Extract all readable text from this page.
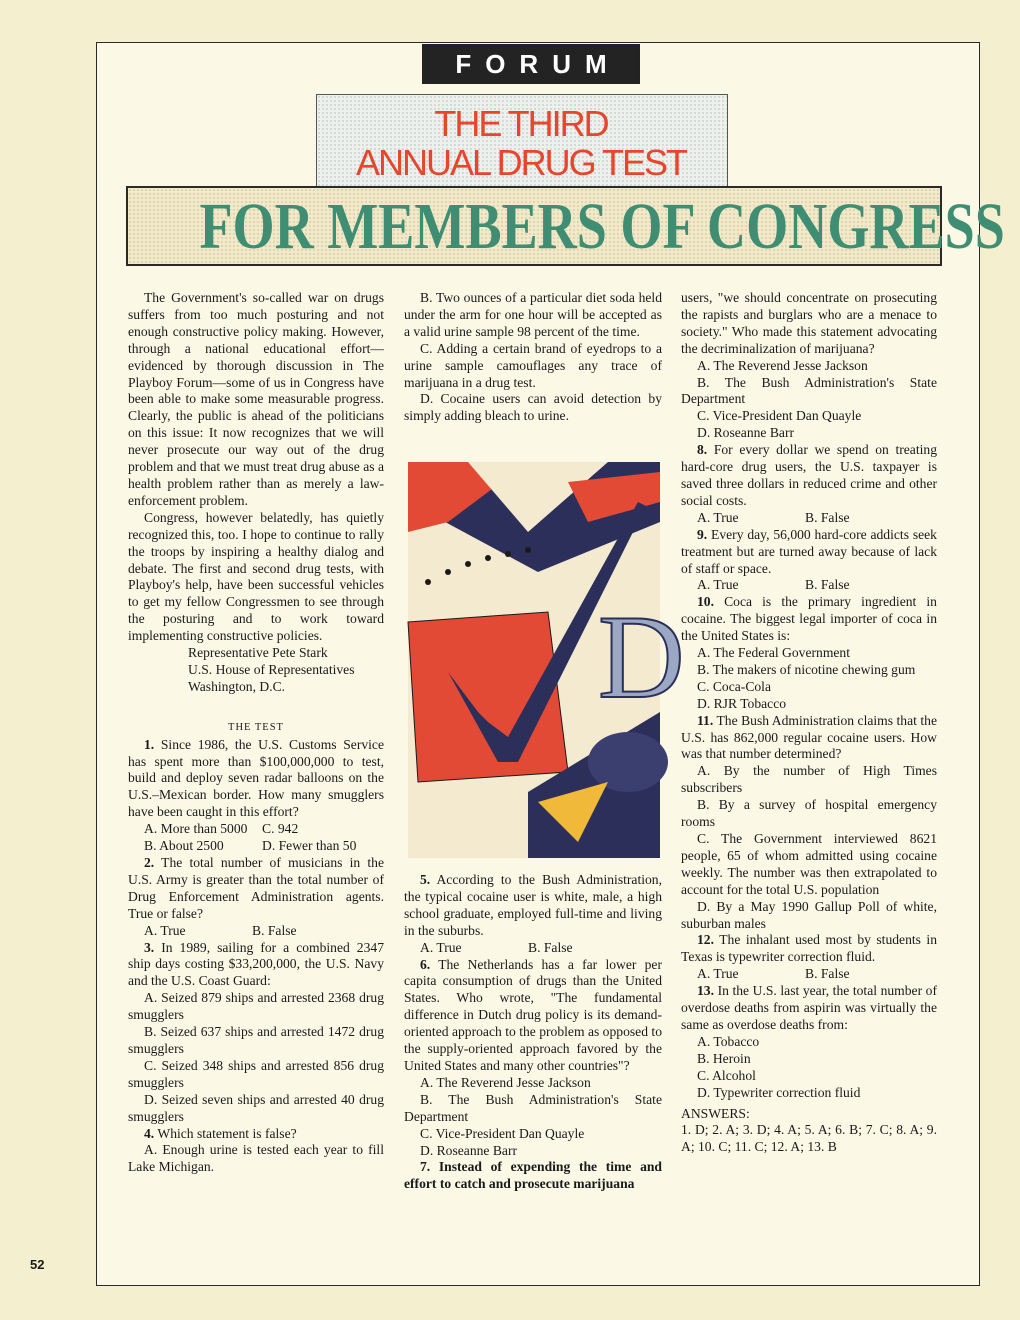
FORUM
THE THIRD
ANNUAL DRUG TEST
FOR MEMBERS OF CONGRESS

The Government's so-called war on drugs suffers from too much posturing and not enough constructive policy making. However, through a national educational effort—evidenced by thorough discussion in The Playboy Forum—some of us in Congress have been able to make some measurable progress. Clearly, the public is ahead of the politicians on this issue: It now recognizes that we will never prosecute our way out of the drug problem and that we must treat drug abuse as a health problem rather than as merely a law-enforcement problem.

Congress, however belatedly, has quietly recognized this, too. I hope to continue to rally the troops by inspiring a healthy dialog and debate. The first and second drug tests, with Playboy's help, have been successful vehicles to get my fellow Congressmen to see through the posturing and to work toward implementing constructive policies.

Representative Pete Stark

U.S. House of Representatives

Washington, D.C.

THE TEST

1. Since 1986, the U.S. Customs Service has spent more than $100,000,000 to test, build and deploy seven radar balloons on the U.S.–Mexican border. How many smugglers have been caught in this effort?

A. More than 5000	C. 942
B. About 2500	D. Fewer than 50

2. The total number of musicians in the U.S. Army is greater than the total number of Drug Enforcement Administration agents. True or false?

A. True	B. False

3. In 1989, sailing for a combined 2347 ship days costing $33,200,000, the U.S. Navy and the U.S. Coast Guard:

A. Seized 879 ships and arrested 2368 drug smugglers

B. Seized 637 ships and arrested 1472 drug smugglers

C. Seized 348 ships and arrested 856 drug smugglers

D. Seized seven ships and arrested 40 drug smugglers

4. Which statement is false?

A. Enough urine is tested each year to fill Lake Michigan.

B. Two ounces of a particular diet soda held under the arm for one hour will be accepted as a valid urine sample 98 percent of the time.

C. Adding a certain brand of eyedrops to a urine sample camouflages any trace of marijuana in a drug test.

D. Cocaine users can avoid detection by simply adding bleach to urine.

D

5. According to the Bush Administration, the typical cocaine user is white, male, a high school graduate, employed full-time and living in the suburbs.

A. True	B. False

6. The Netherlands has a far lower per capita consumption of drugs than the United States. Who wrote, "The fundamental difference in Dutch drug policy is its demand-oriented approach to the problem as opposed to the supply-oriented approach favored by the United States and many other countries"?

A. The Reverend Jesse Jackson

B. The Bush Administration's State Department

C. Vice-President Dan Quayle

D. Roseanne Barr

7. Instead of expending the time and effort to catch and prosecute marijuana

users, "we should concentrate on prosecuting the rapists and burglars who are a menace to society." Who made this statement advocating the decriminalization of marijuana?

A. The Reverend Jesse Jackson

B. The Bush Administration's State Department

C. Vice-President Dan Quayle

D. Roseanne Barr

8. For every dollar we spend on treating hard-core drug users, the U.S. taxpayer is saved three dollars in reduced crime and other social costs.

A. True	B. False

9. Every day, 56,000 hard-core addicts seek treatment but are turned away because of lack of staff or space.

A. True	B. False

10. Coca is the primary ingredient in cocaine. The biggest legal importer of coca in the United States is:

A. The Federal Government

B. The makers of nicotine chewing gum

C. Coca-Cola

D. RJR Tobacco

11. The Bush Administration claims that the U.S. has 862,000 regular cocaine users. How was that number determined?

A. By the number of High Times subscribers

B. By a survey of hospital emergency rooms

C. The Government interviewed 8621 people, 65 of whom admitted using cocaine weekly. The number was then extrapolated to account for the total U.S. population

D. By a May 1990 Gallup Poll of white, suburban males

12. The inhalant used most by students in Texas is typewriter correction fluid.

A. True	B. False

13. In the U.S. last year, the total number of overdose deaths from aspirin was virtually the same as overdose deaths from:

A. Tobacco

B. Heroin

C. Alcohol

D. Typewriter correction fluid

ANSWERS:

1. D; 2. A; 3. D; 4. A; 5. A; 6. B; 7. C; 8. A; 9. A; 10. C; 11. C; 12. A; 13. B

52
